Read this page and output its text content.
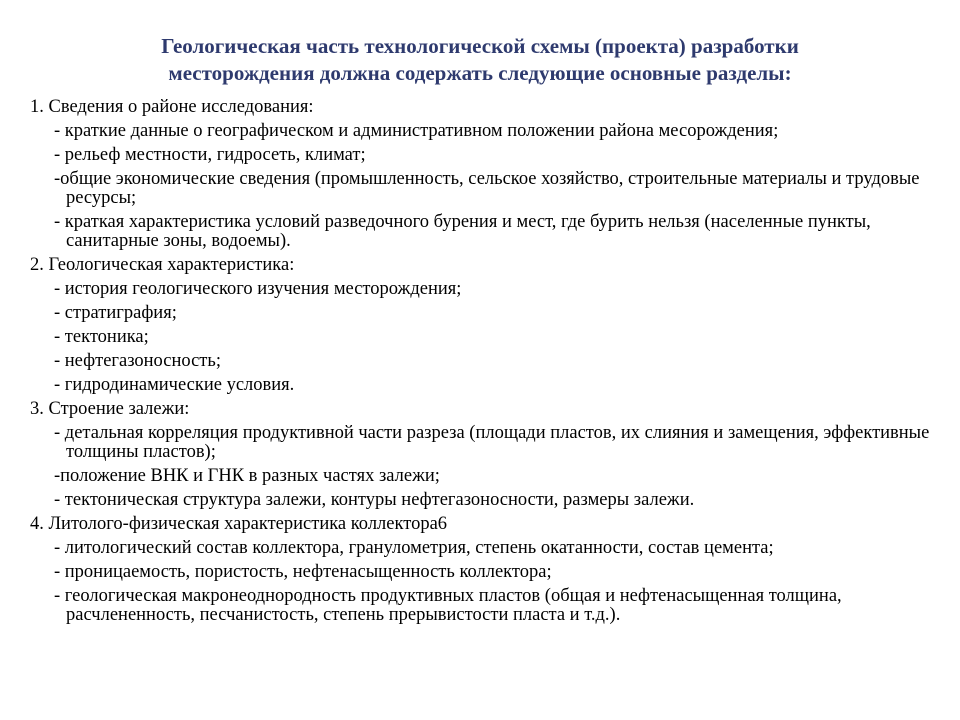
Геологическая часть технологической схемы (проекта) разработки
месторождения должна содержать следующие основные разделы:

1. Сведения о районе исследования:

- краткие данные о географическом и административном положении района месорождения;

- рельеф местности, гидросеть, климат;

-общие экономические сведения (промышленность, сельское хозяйство, строительные материалы и трудовые ресурсы;

- краткая характеристика условий разведочного бурения и мест, где бурить нельзя (населенные пункты, санитарные зоны, водоемы).

2. Геологическая характеристика:

- история геологического изучения месторождения;

- стратиграфия;

- тектоника;

- нефтегазоносность;

- гидродинамические условия.

3. Строение залежи:

- детальная корреляция продуктивной части разреза (площади пластов, их слияния и замещения, эффективные толщины пластов);

-положение ВНК и ГНК в разных частях залежи;

- тектоническая структура залежи, контуры нефтегазоносности, размеры залежи.

4. Литолого-физическая характеристика коллектора6

- литологический состав коллектора, гранулометрия, степень окатанности, состав цемента;

- проницаемость, пористость, нефтенасыщенность коллектора;

- геологическая макронеоднородность продуктивных пластов (общая и нефтенасыщенная толщина, расчлененность, песчанистость, степень прерывистости пласта и т.д.).
